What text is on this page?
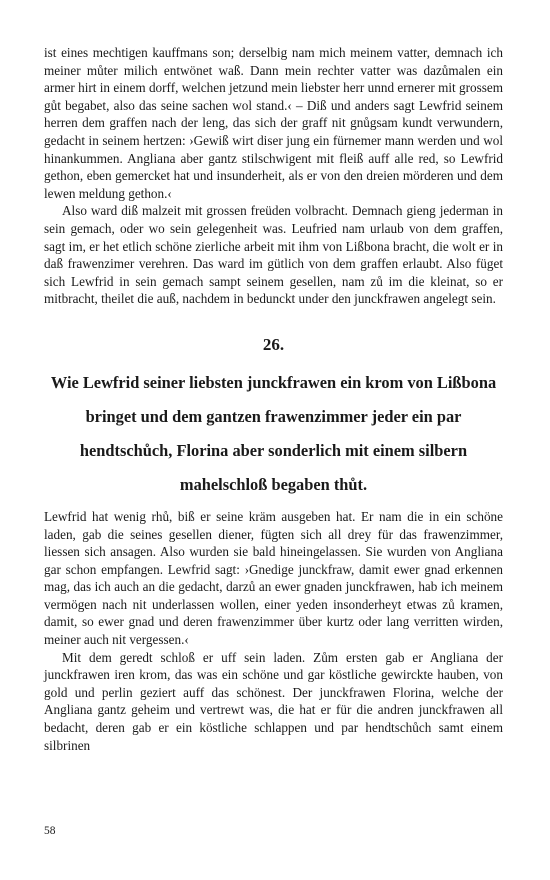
ist eines mechtigen kauffmans son; derselbig nam mich meinem vatter, demnach ich meiner můter milich entwönet waß. Dann mein rechter vatter was dazůmalen ein armer hirt in einem dorff, welchen jetzund mein liebster herr unnd ernerer mit grossem gůt begabet, also das seine sachen wol stand.‹ – Diß und anders sagt Lewfrid seinem herren dem graffen nach der leng, das sich der graff nit gnůgsam kundt verwundern, gedacht in seinem hertzen: ›Gewiß wirt diser jung ein fürnemer mann werden und wol hinankummen. Angliana aber gantz stilschwigent mit fleiß auff alle red, so Lewfrid gethon, eben gemercket hat und insunderheit, als er von den dreien mörderen und dem lewen meldung gethon.‹

Also ward diß malzeit mit grossen freüden volbracht. Demnach gieng jederman in sein gemach, oder wo sein gelegenheit was. Leufried nam urlaub von dem graffen, sagt im, er het etlich schöne zierliche arbeit mit ihm von Lißbona bracht, die wolt er in daß frawenzimer verehren. Das ward im gütlich von dem graffen erlaubt. Also füget sich Lewfrid in sein gemach sampt seinem gesellen, nam zů im die kleinat, so er mitbracht, theilet die auß, nachdem in bedunckt under den junckfrawen angelegt sein.

26.
Wie Lewfrid seiner liebsten junckfrawen ein krom von Lißbona bringet und dem gantzen frawenzimmer jeder ein par hendtschůch, Florina aber sonderlich mit einem silbern mahelschloß begaben thůt.

Lewfrid hat wenig rhů, biß er seine kräm ausgeben hat. Er nam die in ein schöne laden, gab die seines gesellen diener, fügten sich all drey für das frawenzimmer, liessen sich ansagen. Also wurden sie bald hineingelassen. Sie wurden von Angliana gar schon empfangen. Lewfrid sagt: ›Gnedige junckfraw, damit ewer gnad erkennen mag, das ich auch an die gedacht, darzů an ewer gnaden junckfrawen, hab ich meinem vermögen nach nit underlassen wollen, einer yeden insonderheyt etwas zů kramen, damit, so ewer gnad und deren frawenzimmer über kurtz oder lang verritten wirden, meiner auch nit vergessen.‹

Mit dem geredt schloß er uff sein laden. Zům ersten gab er Angliana der junckfrawen iren krom, das was ein schöne und gar köstliche gewirckte hauben, von gold und perlin geziert auff das schönest. Der junckfrawen Florina, welche der Angliana gantz geheim und vertrewt was, die hat er für die andren junckfrawen all bedacht, deren gab er ein köstliche schlappen und par hendtschůch samt einem silbrinen

58
